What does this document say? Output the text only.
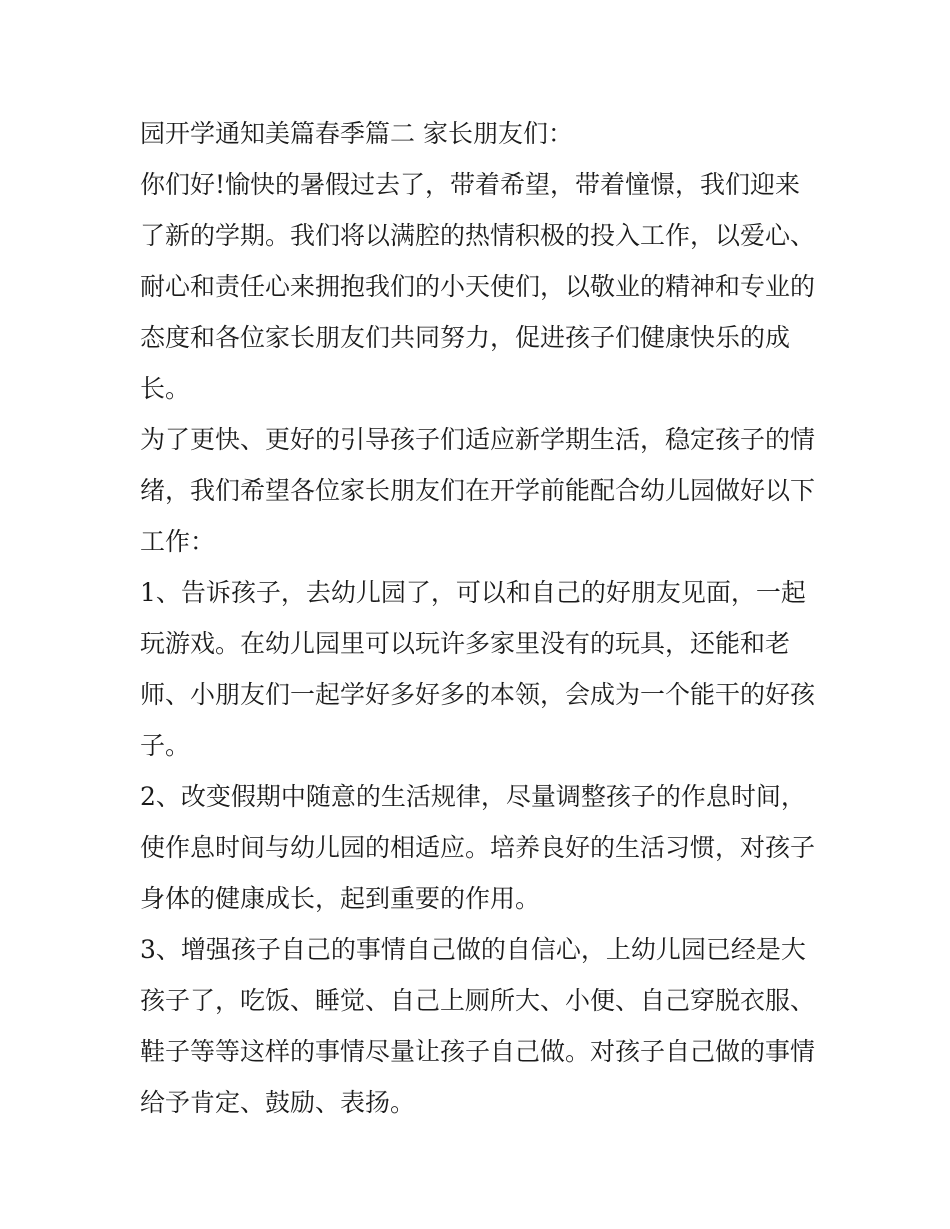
园开学通知美篇春季篇二 家长朋友们：

你们好!愉快的暑假过去了，带着希望，带着憧憬，我们迎来了新的学期。我们将以满腔的热情积极的投入工作，以爱心、耐心和责任心来拥抱我们的小天使们，以敬业的精神和专业的态度和各位家长朋友们共同努力，促进孩子们健康快乐的成长。

为了更快、更好的引导孩子们适应新学期生活，稳定孩子的情绪，我们希望各位家长朋友们在开学前能配合幼儿园做好以下工作：

1、告诉孩子，去幼儿园了，可以和自己的好朋友见面，一起玩游戏。在幼儿园里可以玩许多家里没有的玩具，还能和老师、小朋友们一起学好多好多的本领，会成为一个能干的好孩子。

2、改变假期中随意的生活规律，尽量调整孩子的作息时间，使作息时间与幼儿园的相适应。培养良好的生活习惯，对孩子身体的健康成长，起到重要的作用。

3、增强孩子自己的事情自己做的自信心，上幼儿园已经是大孩子了，吃饭、睡觉、自己上厕所大、小便、自己穿脱衣服、鞋子等等这样的事情尽量让孩子自己做。对孩子自己做的事情给予肯定、鼓励、表扬。
